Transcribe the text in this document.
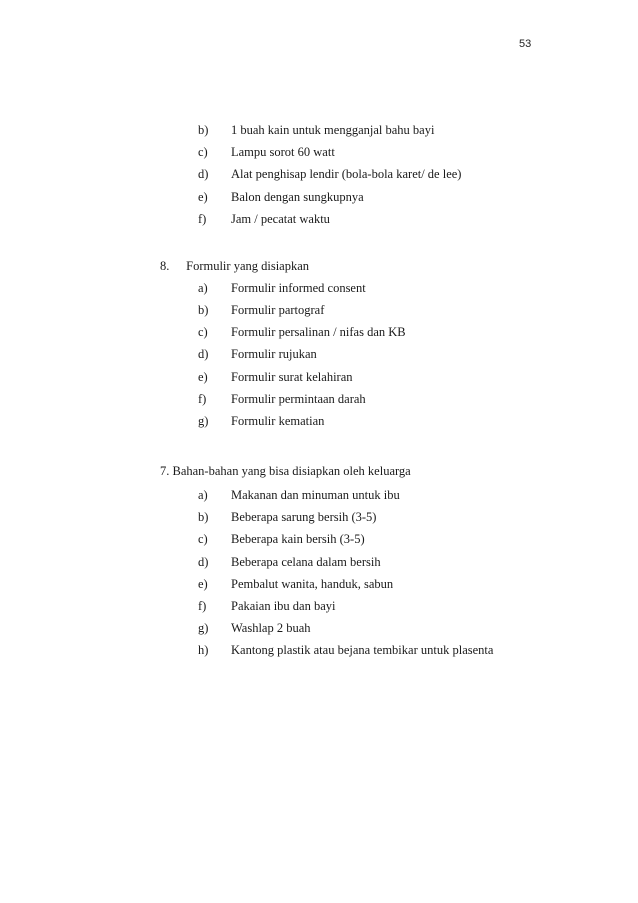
53
b)	1 buah kain untuk mengganjal bahu bayi
c)	Lampu sorot 60 watt
d)	Alat penghisap lendir (bola-bola karet/ de lee)
e)	Balon dengan sungkupnya
f)	Jam / pecatat waktu
8. Formulir yang disiapkan
a)	Formulir informed consent
b)	Formulir partograf
c)	Formulir persalinan / nifas dan KB
d)	Formulir rujukan
e)	Formulir surat kelahiran
f)	Formulir permintaan darah
g)	Formulir kematian
7. Bahan-bahan yang bisa disiapkan oleh keluarga
a)	Makanan dan minuman untuk ibu
b)	Beberapa sarung bersih (3-5)
c)	Beberapa kain bersih (3-5)
d)	Beberapa celana dalam bersih
e)	Pembalut wanita, handuk, sabun
f)	Pakaian ibu dan bayi
g)	Washlap 2 buah
h)	Kantong plastik atau bejana tembikar untuk plasenta
